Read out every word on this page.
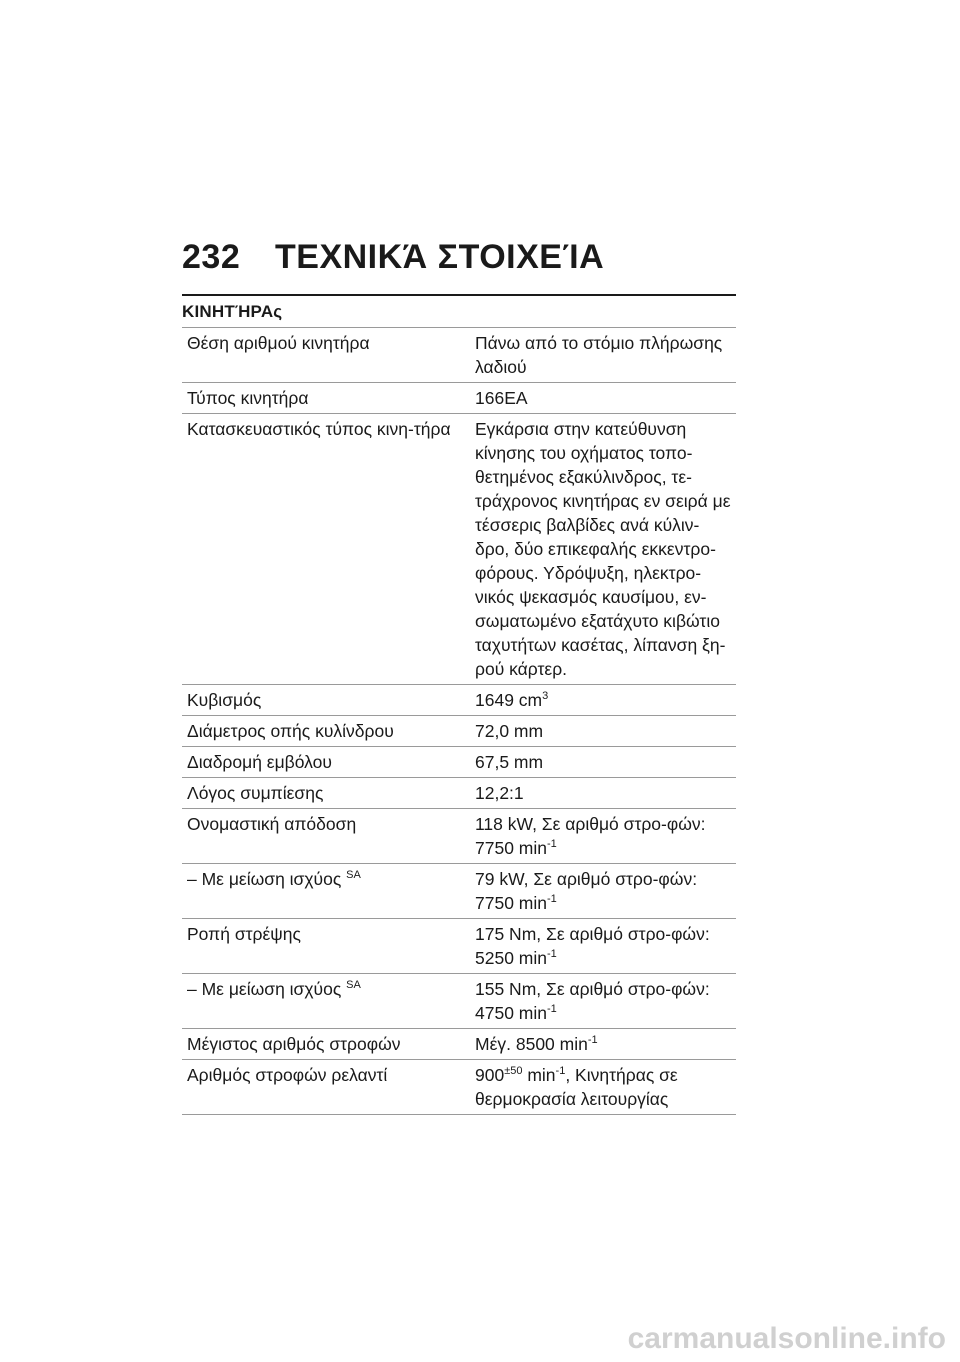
232 ΤΕΧΝΙΚΆ ΣΤΟΙΧΕΊΑ
ΚΙΝΗΤΉΡΑς
Θέση αριθμού κινητήρα	Πάνω από το στόμιο πλήρωσης λαδιού
Τύπος κινητήρα	166EA
Κατασκευαστικός τύπος κινη-τήρα	Εγκάρσια στην κατεύθυνση κίνησης του οχήματος τοπο-θετημένος εξακύλινδρος, τε-τράχρονος κινητήρας εν σειρά με τέσσερις βαλβίδες ανά κύλιν-δρο, δύο επικεφαλής εκκεντρο-φόρους. Υδρόψυξη, ηλεκτρο-νικός ψεκασμός καυσίμου, εν-σωματωμένο εξατάχυτο κιβώτιο ταχυτήτων κασέτας, λίπανση ξη-ρού κάρτερ.
Κυβισμός	1649 $cm^3$
Διάμετρος οπής κυλίνδρου	72,0 mm
Διαδρομή εμβόλου	67,5 mm
Λόγος συμπίεσης	12,2:1
Ονομαστική απόδοση	118 kW, Σε αριθμό στρο-φών: 7750 $\min^{-1}$
– Με μείωση ισχύος $^{SA}$	79 kW, Σε αριθμό στρο-φών: 7750 $\min^{-1}$
Ροπή στρέψης	175 Nm, Σε αριθμό στρο-φών: 5250 $\min^{-1}$
– Με μείωση ισχύος $^{SA}$	155 Nm, Σε αριθμό στρο-φών: 4750 $\min^{-1}$
Μέγιστος αριθμός στροφών	Μέγ. 8500 $\min^{-1}$
Αριθμός στροφών ρελαντί	$900^{\pm 50}$ $\min^{-1}$, Κινητήρας σε θερμοκρασία λειτουργίας
carmanualsonline.info
